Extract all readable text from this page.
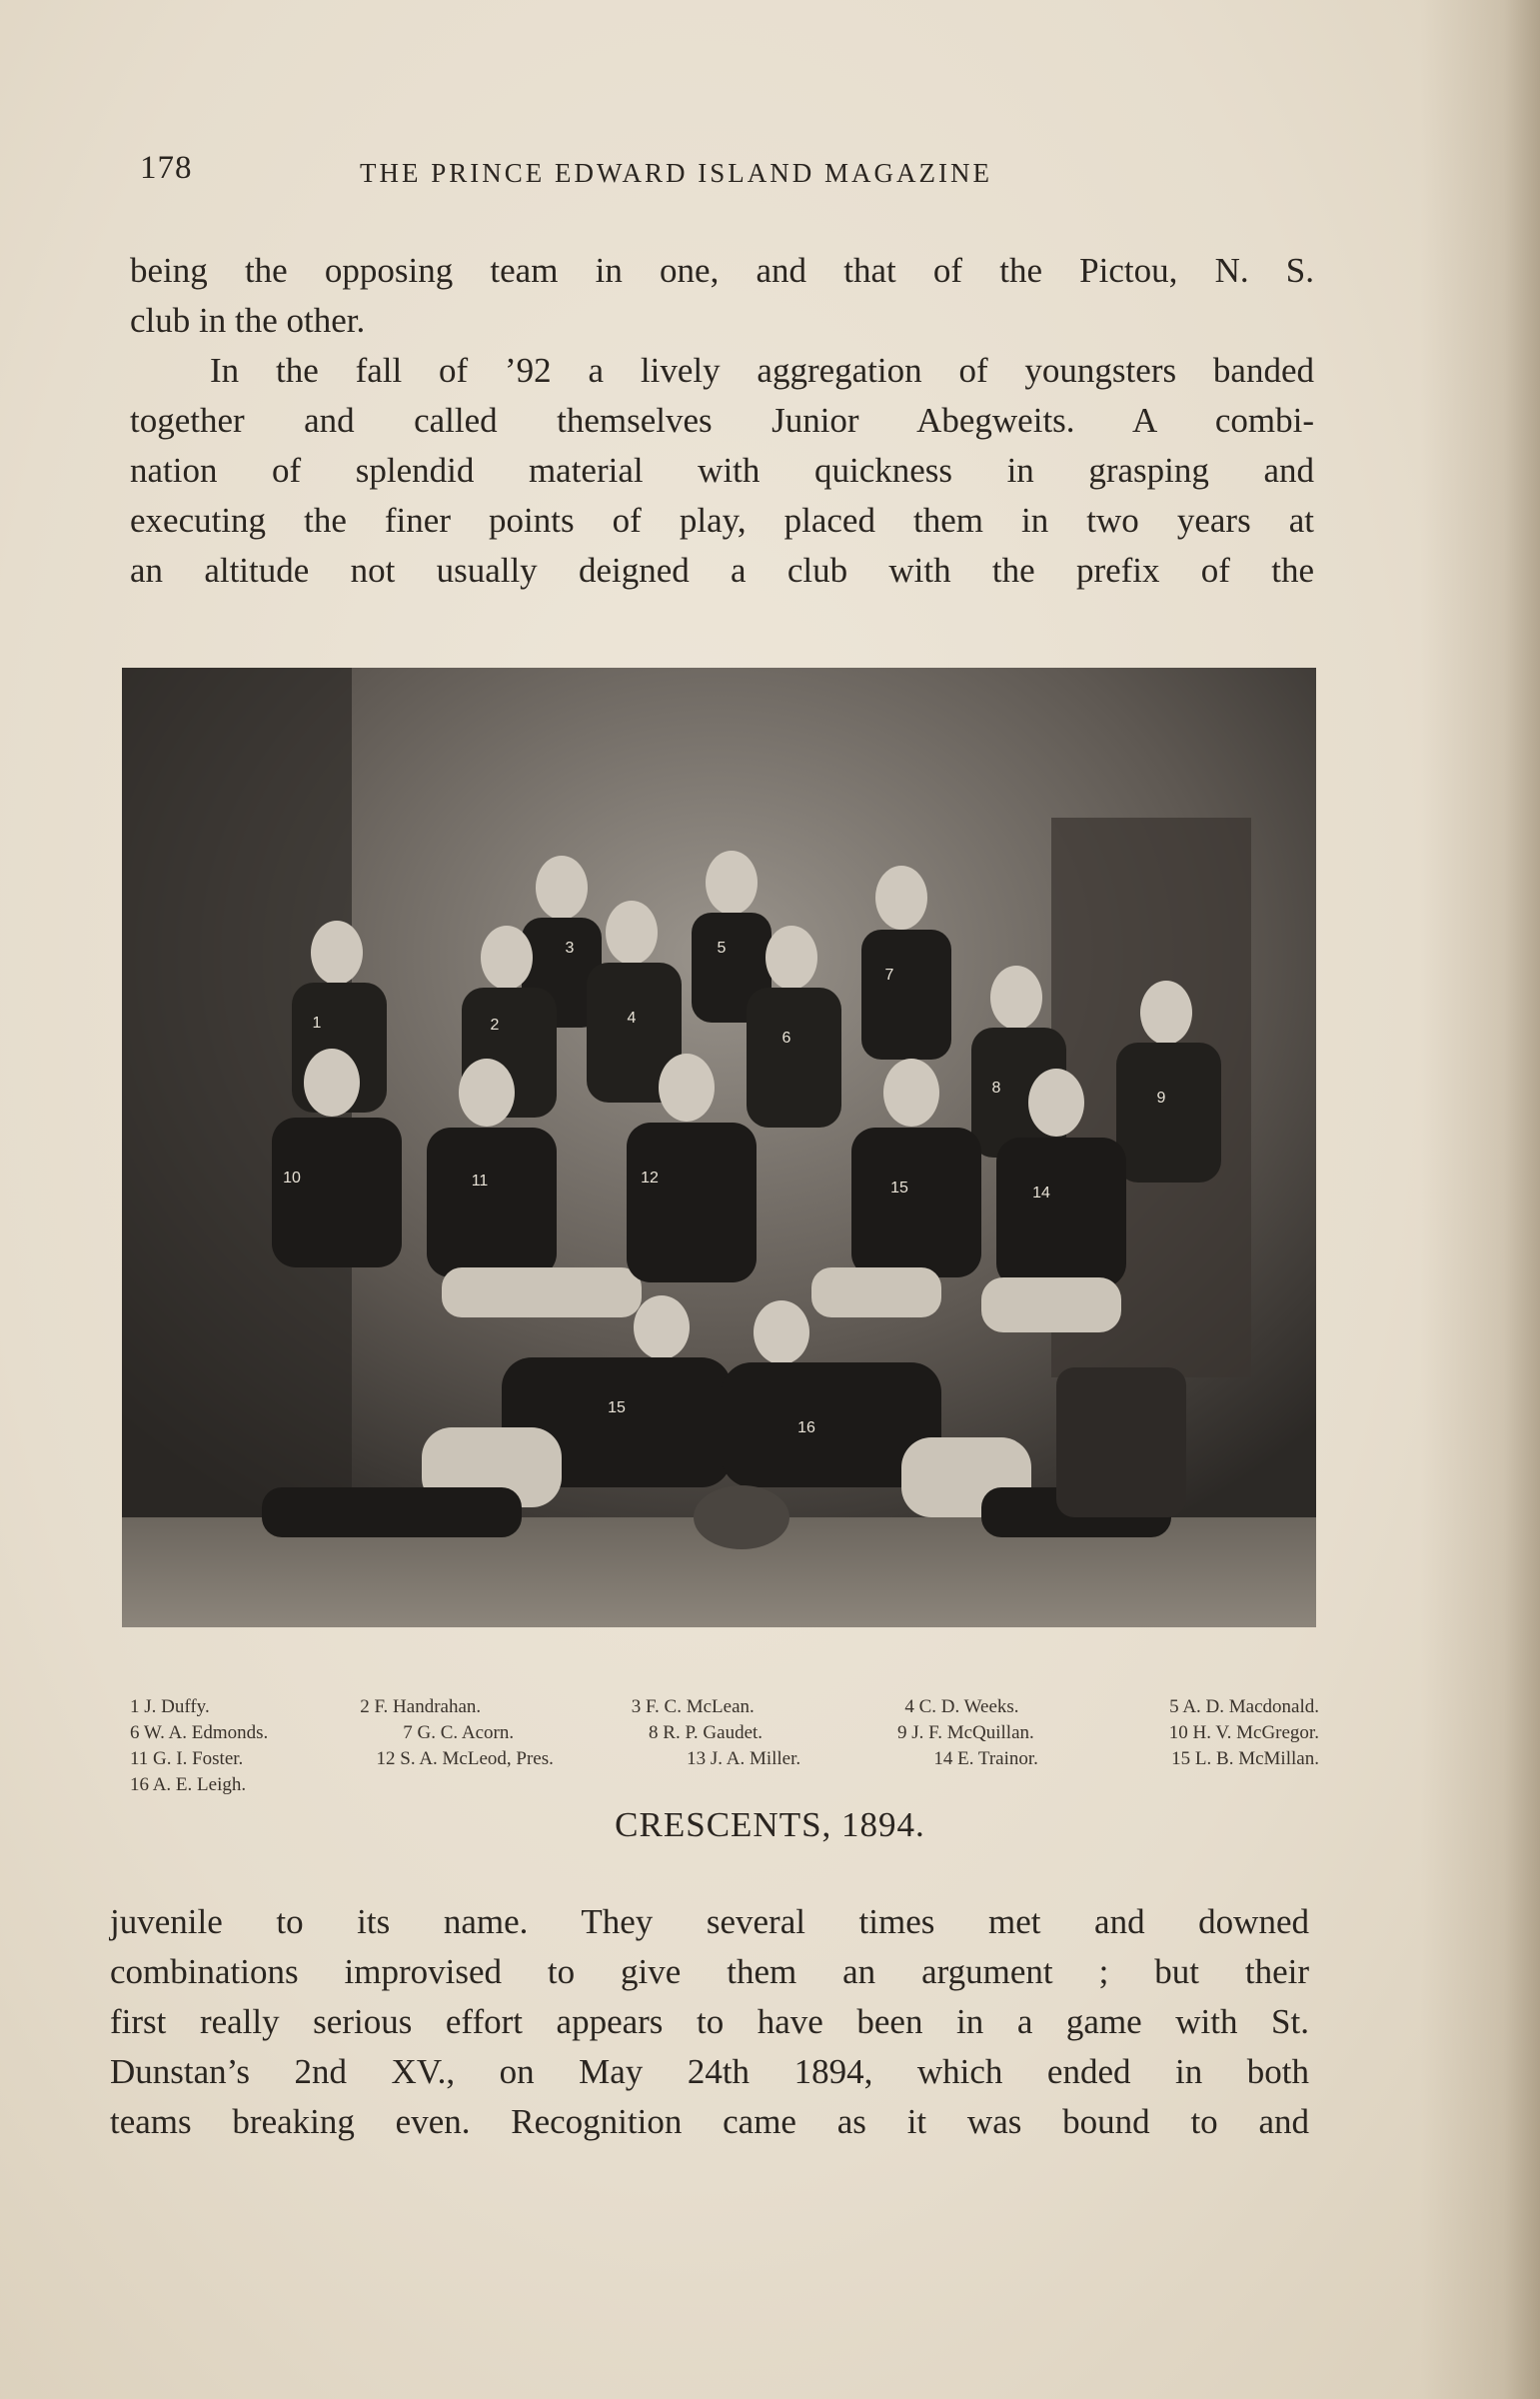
178	THE PRINCE EDWARD ISLAND MAGAZINE

being the opposing team in one, and that of the Pictou, N. S.

club in the other.

In the fall of ’92 a lively aggregation of youngsters banded

together and called themselves Junior Abegweits. A combi-

nation of splendid material with quickness in grasping and

executing the finer points of play, placed them in two years at

an altitude not usually deigned a club with the prefix of the

1	2
3
4
5
6
7
8
9
10	11	12
15	14
15
16
1 J. Duffy.	2 F. Handrahan.	3 F. C. McLean.	4 C. D. Weeks.	5 A. D. Macdonald.
6 W. A. Edmonds.	7 G. C. Acorn.	8 R. P. Gaudet.	9 J. F. McQuillan.	10 H. V. McGregor.
11 G. I. Foster.	12 S. A. McLeod, Pres.	13 J. A. Miller.	14 E. Trainor.	15 L. B. McMillan.
16 A. E. Leigh.
CRESCENTS, 1894.

juvenile to its name. They several times met and downed

combinations improvised to give them an argument ; but their

first really serious effort appears to have been in a game with St.

Dunstan’s 2nd XV., on May 24th 1894, which ended in both

teams breaking even. Recognition came as it was bound to and
